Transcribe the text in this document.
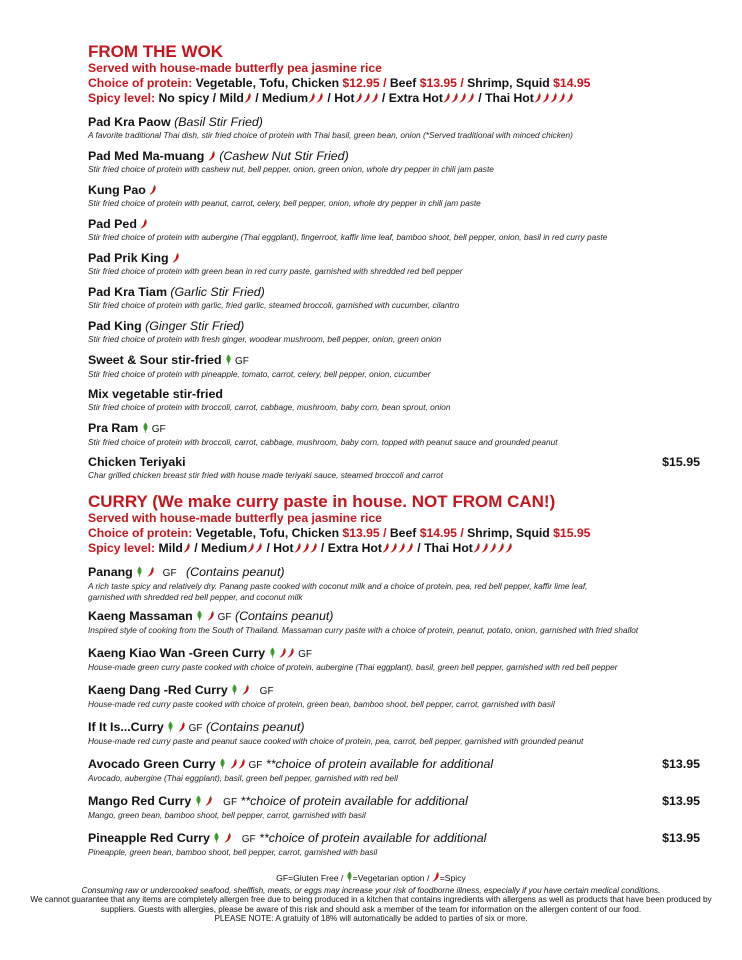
FROM THE WOK
Served with house-made butterfly pea jasmine rice
Choice of protein: Vegetable, Tofu, Chicken $12.95 / Beef $13.95 / Shrimp, Squid $14.95
Spicy level: No spicy / Mild / Medium / Hot / Extra Hot	/ Thai Hot
Pad Kra Paow (Basil Stir Fried)
A favorite traditional Thai dish, stir fried choice of protein with Thai basil, green bean, onion (*Served traditional with minced chicken)
Pad Med Ma-muang (Cashew Nut Stir Fried)
Stir fried choice of protein with cashew nut, bell pepper, onion, green onion, whole dry pepper in chili jam paste
Kung Pao
Stir fried choice of protein with peanut, carrot, celery, bell pepper, onion, whole dry pepper in chili jam paste
Pad Ped
Stir fried choice of protein with aubergine (Thai eggplant), fingerroot, kaffir lime leaf, bamboo shoot, bell pepper, onion, basil in red curry paste
Pad Prik King
Stir fried choice of protein with green bean in red curry paste, garnished with shredded red bell pepper
Pad Kra Tiam (Garlic Stir Fried)
Stir fried choice of protein with garlic, fried garlic, steamed broccoli, garnished with cucumber, cilantro
Pad King (Ginger Stir Fried)
Stir fried choice of protein with fresh ginger, woodear mushroom, bell pepper, onion, green onion
Sweet & Sour stir-fried GF
Stir fried choice of protein with pineapple, tomato, carrot, celery, bell pepper, onion, cucumber
Mix vegetable stir-fried
Stir fried choice of protein with broccoli, carrot, cabbage, mushroom, baby corn, bean sprout, onion
Pra Ram GF
Stir fried choice of protein with broccoli, carrot, cabbage, mushroom, baby corn, topped with peanut sauce and grounded peanut
Chicken Teriyaki	$15.95
Char grilled chicken breast stir fried with house made teriyaki sauce, steamed broccoli and carrot
CURRY (We make curry paste in house. NOT FROM CAN!)
Served with house-made butterfly pea jasmine rice
Choice of protein: Vegetable, Tofu, Chicken $13.95 / Beef $14.95 / Shrimp, Squid $15.95
Spicy level: Mild / Medium / Hot / Extra Hot	/ Thai Hot
Panang	GF (Contains peanut)
A rich taste spicy and relatively dry. Panang paste cooked with coconut milk and a choice of protein, pea, red bell pepper, kaffir lime leaf,
garnished with shredded red bell pepper, and coconut milk
Kaeng Massaman GF (Contains peanut)
Inspired style of cooking from the South of Thailand. Massaman curry paste with a choice of protein, peanut, potato, onion, garnished with fried shallot
Kaeng Kiao Wan -Green Curry	GF
House-made green curry paste cooked with choice of protein, aubergine (Thai eggplant), basil, green bell pepper, garnished with red bell pepper
Kaeng Dang -Red Curry	GF
House-made red curry paste cooked with choice of protein, green bean, bamboo shoot, bell pepper, carrot, garnished with basil
If It Is...Curry GF (Contains peanut)
House-made red curry paste and peanut sauce cooked with choice of protein, pea, carrot, bell pepper, garnished with grounded peanut
Avocado Green Curry	GF **choice of protein available for additional	$13.95
Avocado, aubergine (Thai eggplant), basil, green bell pepper, garnished with red bell
Mango Red Curry	GF **choice of protein available for additional	$13.95
Mango, green bean, bamboo shoot, bell pepper, carrot, garnished with basil
Pineapple Red Curry	GF **choice of protein available for additional	$13.95
Pineapple, green bean, bamboo shoot, bell pepper, carrot, garnished with basil
GF=Gluten Free / =Vegetarian option / =Spicy
Consuming raw or undercooked seafood, shellfish, meats, or eggs may increase your risk of foodborne illness, especially if you have certain medical conditions.
We cannot guarantee that any items are completely allergen free due to being produced in a kitchen that contains ingredients with allergens as well as products that have been produced by
suppliers. Guests with allergies, please be aware of this risk and should ask a member of the team for information on the allergen content of our food.
PLEASE NOTE: A gratuity of 18% will automatically be added to parties of six or more.
